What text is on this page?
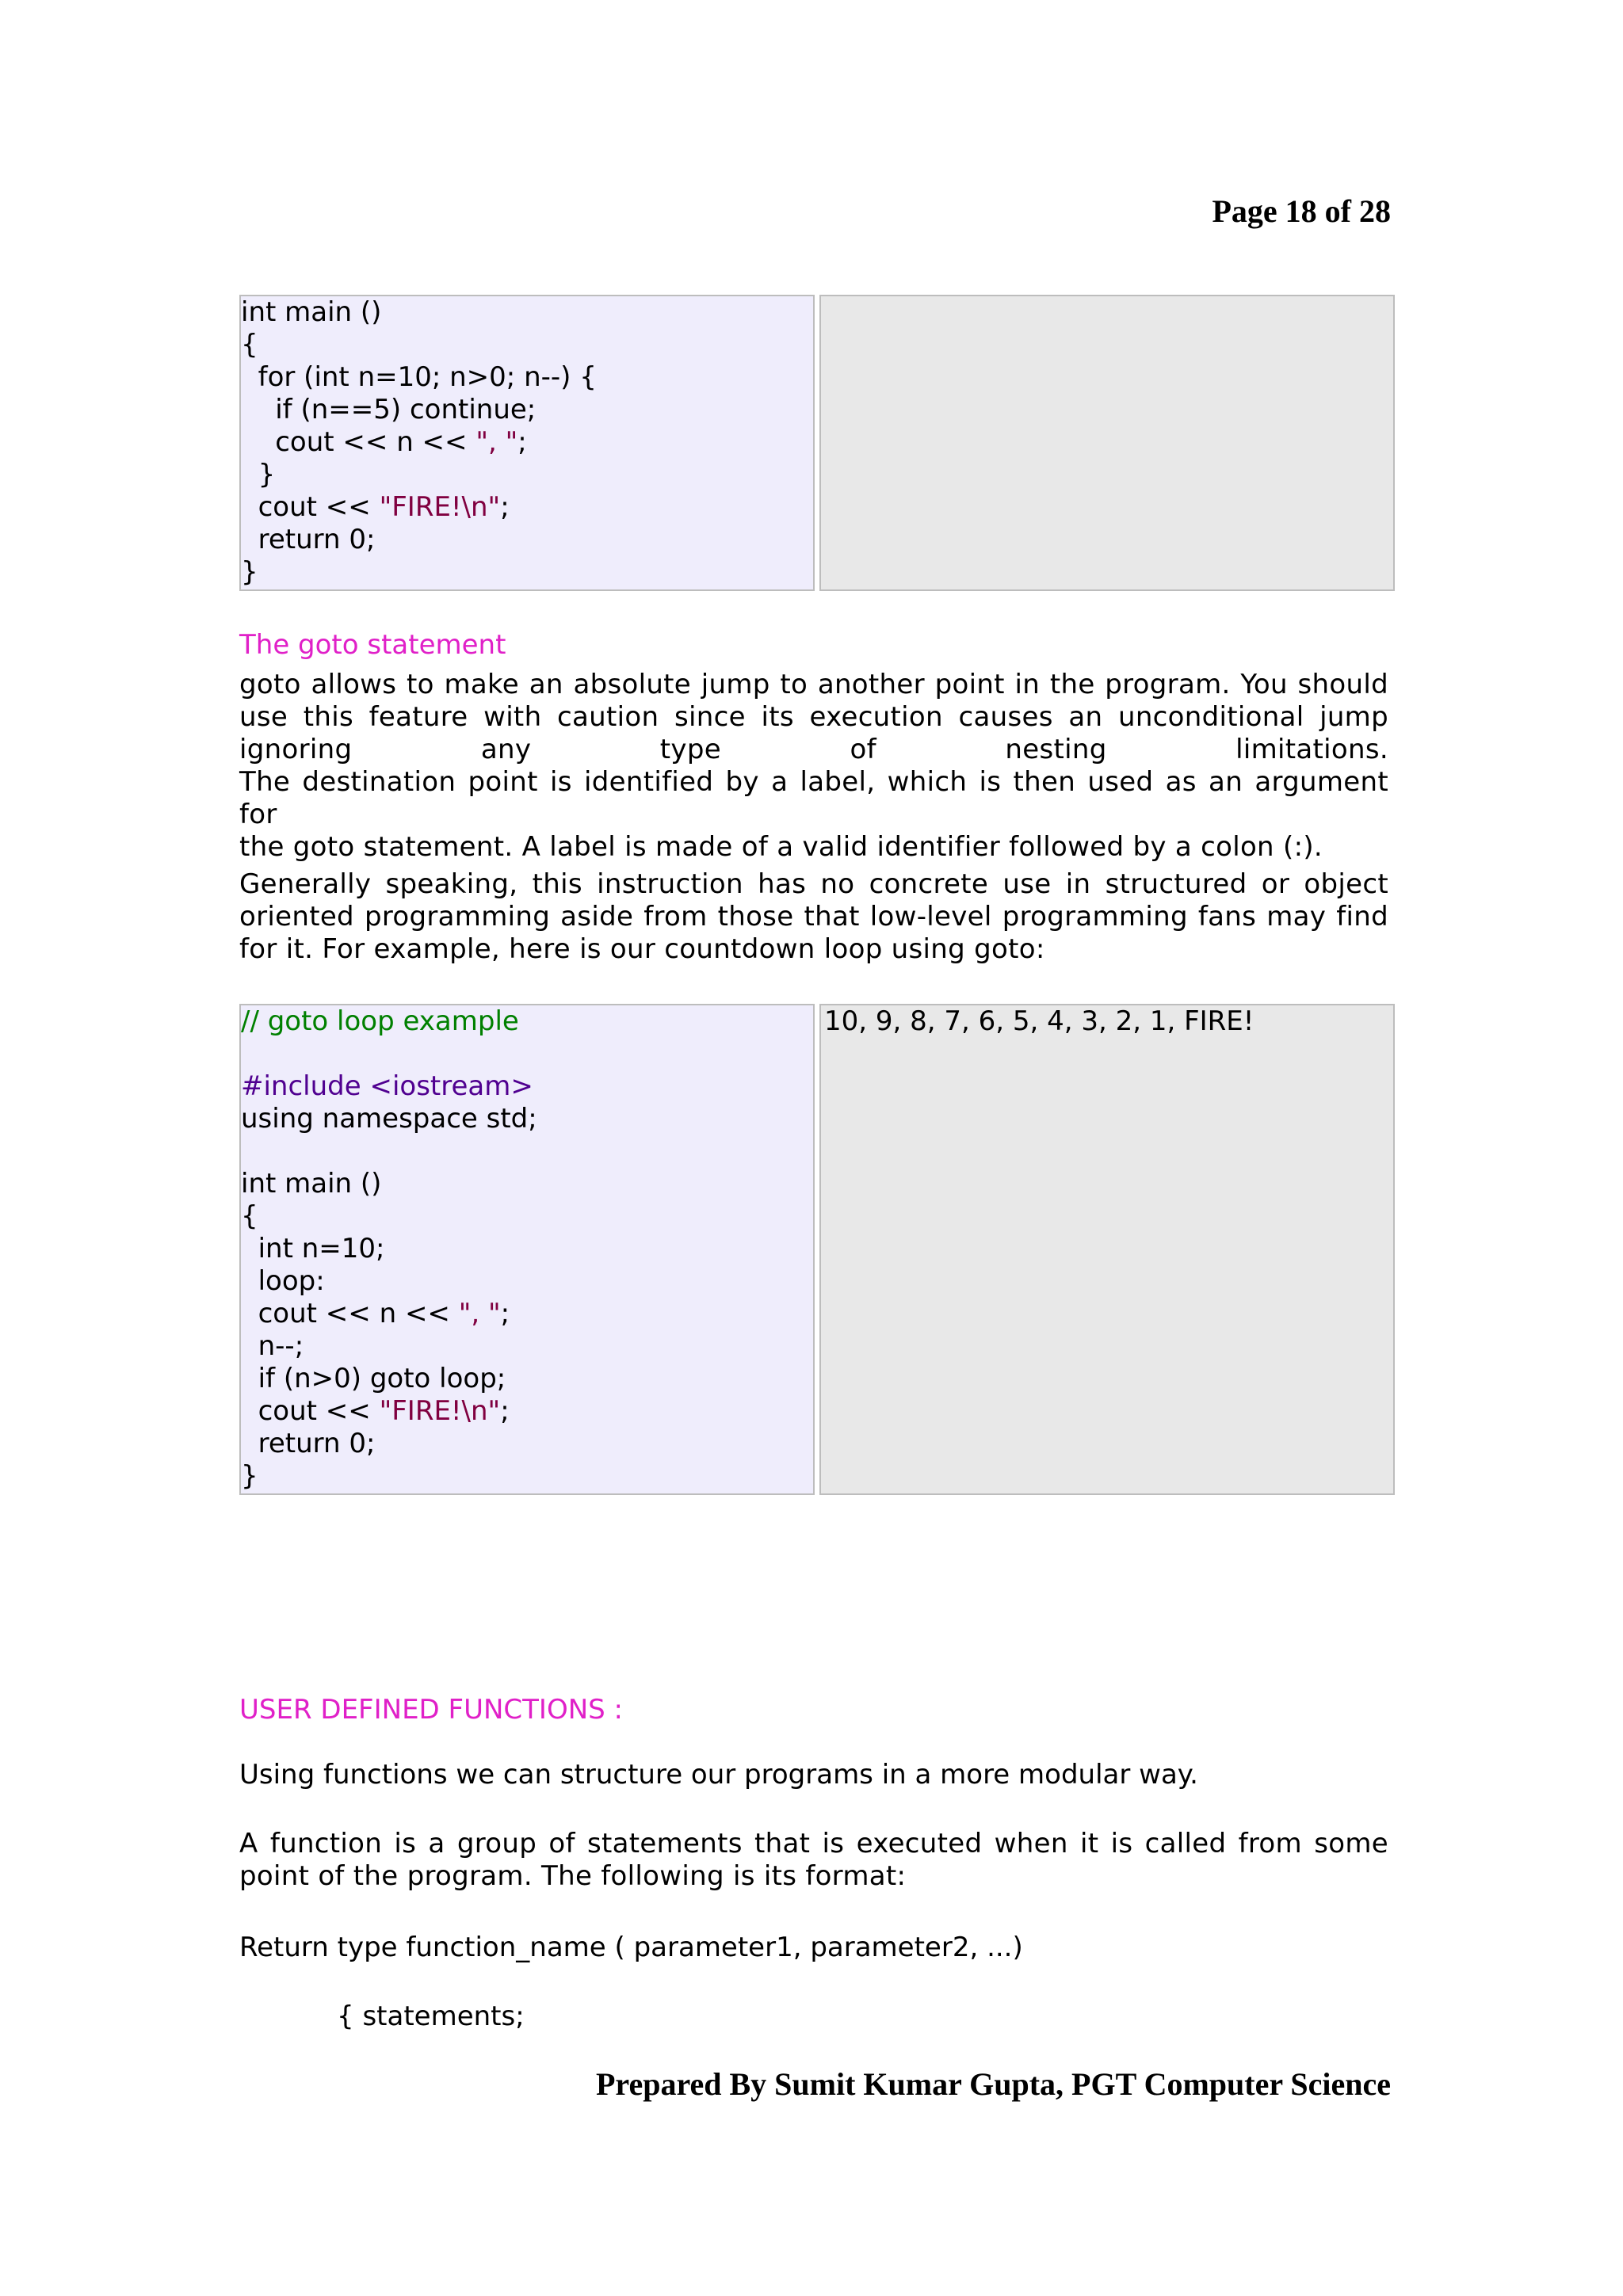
Page 18 of 28
int main ()
{
for (int n=10; n>0; n--) {
if (n==5) continue;
cout << n << ", ";
}
cout << "FIRE!\n";
return 0;
}
The goto statement
goto allows to make an absolute jump to another point in the program. You should
use this feature with caution since its execution causes an unconditional jump
ignoring any type of nesting limitations.
The destination point is identified by a label, which is then used as an argument for
the goto statement. A label is made of a valid identifier followed by a colon (:).
Generally speaking, this instruction has no concrete use in structured or object
oriented programming aside from those that low-level programming fans may find
for it. For example, here is our countdown loop using goto:
// goto loop example
#include <iostream>
using namespace std;
int main ()
{
int n=10;
loop:
cout << n << ", ";
n--;
if (n>0) goto loop;
cout << "FIRE!\n";
return 0;
}
10, 9, 8, 7, 6, 5, 4, 3, 2, 1, FIRE!
USER DEFINED FUNCTIONS :
Using functions we can structure our programs in a more modular way.
A function is a group of statements that is executed when it is called from some
point of the program. The following is its format:
Return type function_name ( parameter1, parameter2, ...)
{ statements;
Prepared By Sumit Kumar Gupta, PGT Computer Science
